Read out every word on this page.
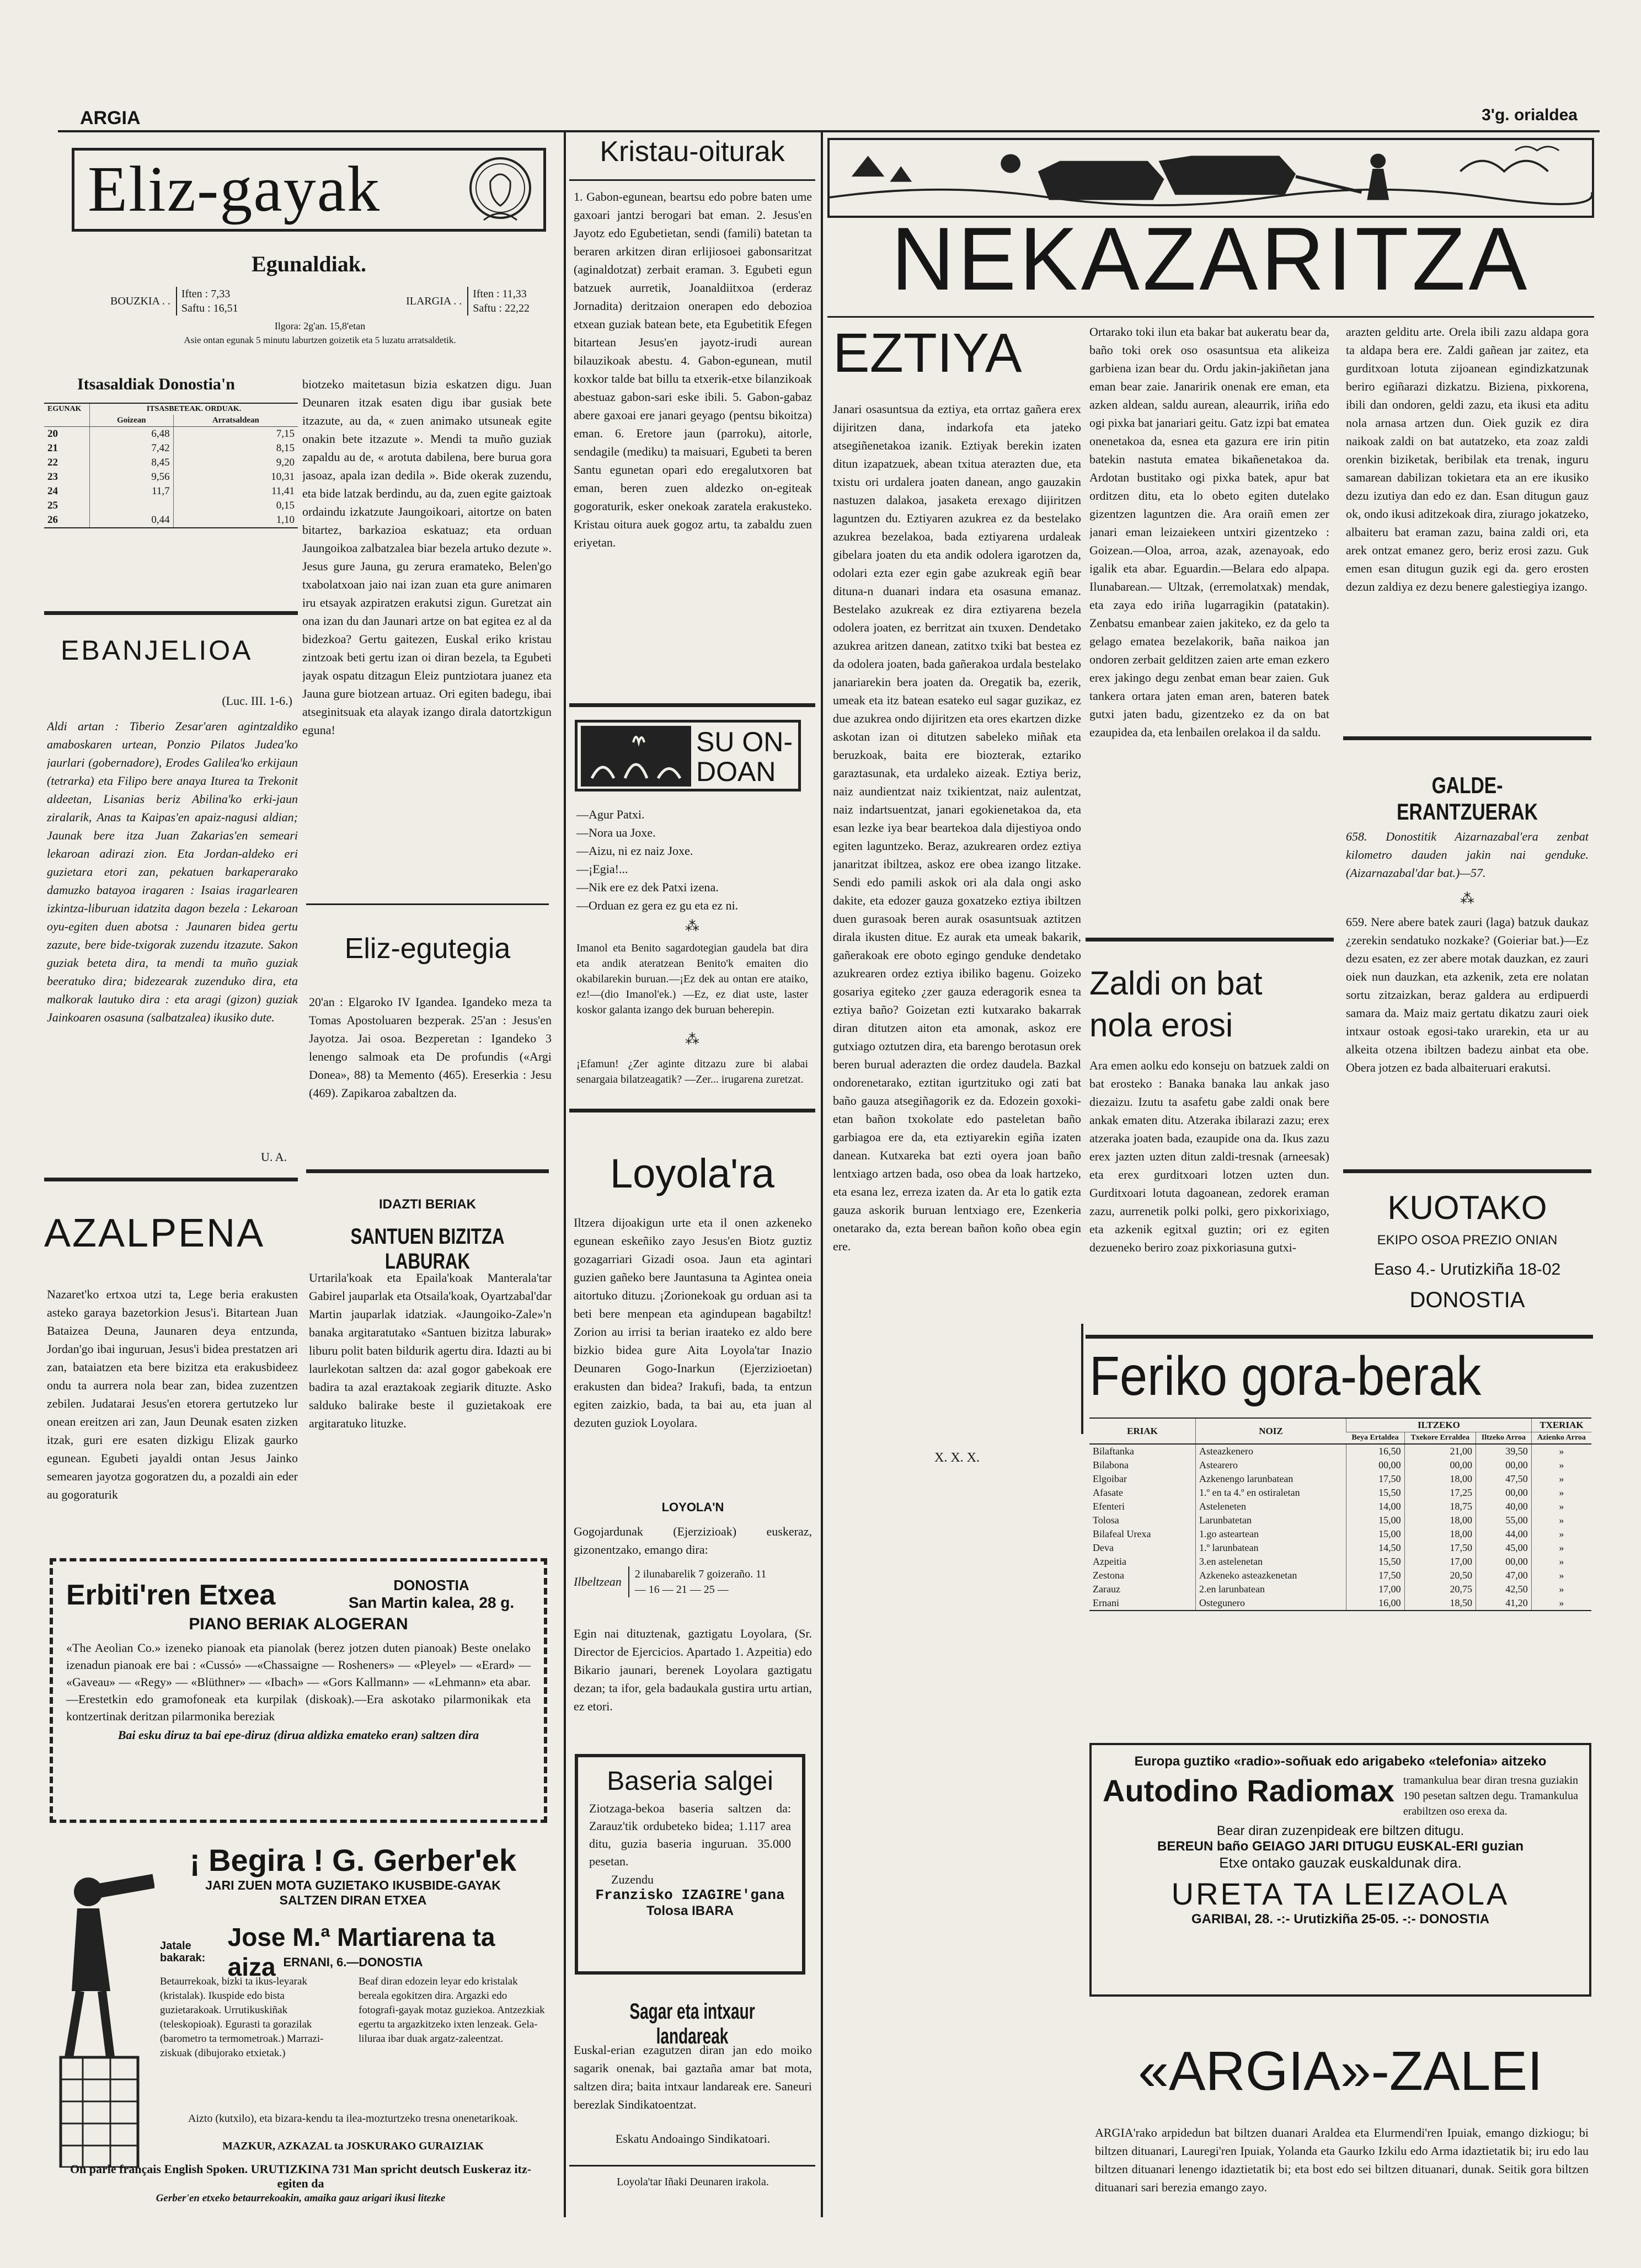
ARGIA	3'g. orialdea
Eliz-gayak
Egunaldiak.
BOUZKIA . .
Iften : 7,33
Saftu : 16,51
ILARGIA . .
Iften : 11,33
Saftu : 22,22
Ilgora: 2g'an. 15,8'etan
Asie ontan egunak 5 minutu laburtzen goizetik eta 5 luzatu arratsaldetik.
Itsasaldiak Donostia'n
EGUNAK	ITSASBETEAK. ORDUAK.	
	Goizean	Arratsaldean
20	6,48	7,15
21	7,42	8,15
22	8,45	9,20
23	9,56	10,31
24	11,7	11,41
25		0,15
26	0,44	1,10
EBANJELIOA
(Luc. III. 1-6.)
Aldi artan : Tiberio Zesar'aren agintzaldiko amaboskaren urtean, Ponzio Pilatos Judea'ko jaurlari (gobernadore), Erodes Galilea'ko erkijaun (tetrarka) eta Filipo bere anaya Iturea ta Trekonit aldeetan, Lisanias beriz Abilina'ko erki-jaun ziralarik, Anas ta Kaipas'en apaiz-nagusi aldian; Jaunak bere itza Juan Zakarias'en semeari lekaroan adirazi zion. Eta Jordan-aldeko eri guzietara etori zan, pekatuen barkaperarako damuzko batayoa iragaren : Isaias iragarlearen izkintza-liburuan idatzita dagon bezela : Lekaroan oyu-egiten duen abotsa : Jaunaren bidea gertu zazute, bere bide-txigorak zuzendu itzazute. Sakon guziak beteta dira, ta mendi ta muño guziak beeratuko dira; bidezearak zuzenduko dira, eta malkorak lautuko dira : eta aragi (gizon) guziak Jainkoaren osasuna (salbatzalea) ikusiko dute.
U. A.
AZALPENA
Nazaret'ko ertxoa utzi ta, Lege beria erakusten asteko garaya bazetorkion Jesus'i. Bitartean Juan Bataizea Deuna, Jaunaren deya entzunda, Jordan'go ibai inguruan, Jesus'i bidea prestatzen ari zan, bataiatzen eta bere bizitza eta erakusbideez ondu ta aurrera nola bear zan, bidea zuzentzen zebilen. Judatarai Jesus'en etorera gertutzeko lur onean ereitzen ari zan, Jaun Deunak esaten zizken itzak, guri ere esaten dizkigu Elizak gaurko egunean. Egubeti jayaldi ontan Jesus Jainko semearen jayotza gogoratzen du, a pozaldi ain eder au gogoraturik
biotzeko maitetasun bizia eskatzen digu. Juan Deunaren itzak esaten digu ibar gusiak bete itzazute, au da, « zuen animako utsuneak egite onakin bete itzazute ». Mendi ta muño guziak zapaldu au de, « arotuta dabilena, bere burua gora jasoaz, apala izan dedila ». Bide okerak zuzendu, eta bide latzak berdindu, au da, zuen egite gaiztoak ordaindu izkatzute Jaungoikoari, aitortze on baten bitartez, barkazioa eskatuaz; eta orduan Jaungoikoa zalbatzalea biar bezela artuko dezute ». Jesus gure Jauna, gu zerura eramateko, Belen'go txabolatxoan jaio nai izan zuan eta gure animaren iru etsayak azpiratzen erakutsi zigun. Guretzat ain ona izan du dan Jaunari artze on bat egitea ez al da bidezkoa? Gertu gaitezen, Euskal eriko kristau zintzoak beti gertu izan oi diran bezela, ta Egubeti jayak ospatu ditzagun Eleiz puntziotara juanez eta Jauna gure biotzean artuaz. Ori egiten badegu, ibai atseginitsuak eta alayak izango dirala datortzkigun eguna!
Eliz-egutegia
20'an : Elgaroko IV Igandea. Igandeko meza ta Tomas Apostoluaren bezperak. 25'an : Jesus'en Jayotza. Jai osoa. Bezperetan : Igandeko 3 lenengo salmoak eta De profundis («Argi Donea», 88) ta Memento (465). Ereserkia : Jesu (469). Zapikaroa zabaltzen da.
IDAZTI BERIAK
SANTUEN BIZITZA LABURAK
Urtarila'koak eta Epaila'koak Manterala'tar Gabirel jauparlak eta Otsaila'koak, Oyartzabal'dar Martin jauparlak idatziak. «Jaungoiko-Zale»'n banaka argitaratutako «Santuen bizitza laburak» liburu polit baten bildurik agertu dira. Idazti au bi laurlekotan saltzen da: azal gogor gabekoak ere badira ta azal eraztakoak zegiarik dituzte. Asko salduko balirake beste il guzietakoak ere argitaratuko lituzke.
Erbiti'ren Etxea	DONOSTIA
San Martin kalea, 28 g.
PIANO BERIAK ALOGERAN
«The Aeolian Co.» izeneko pianoak eta pianolak (berez jotzen duten pianoak) Beste onelako izenadun pianoak ere bai : «Cussó» —«Chassaigne — Rosheners» — «Pleyel» — «Erard» — «Gaveau» — «Regy» — «Blüthner» — «Ibach» — «Gors Kallmann» — «Lehmann» eta abar.—Erestetkin edo gramofoneak eta kurpilak (diskoak).—Era askotako pilarmonikak eta kontzertinak deritzan pilarmonika bereziak
Bai esku diruz ta bai epe-diruz (dirua aldizka emateko eran) saltzen dira
¡ Begira ! G. Gerber'ek
JARI ZUEN MOTA GUZIETAKO IKUSBIDE-GAYAK
SALTZEN DIRAN ETXEA
Jatale bakarak:
Jose M.ª Martiarena ta aiza ERNANI, 6.—DONOSTIA
Betaurrekoak, bizki ta ikus-leyarak (kristalak). Ikuspide edo bista guzietarakoak. Urrutikuskiñak (teleskopioak). Egurasti ta gorazilak (barometro ta termometroak.) Marrazi-ziskuak (dibujorako etxietak.)
Beaf diran edozein leyar edo kristalak bereala egokitzen dira. Argazki edo fotografi-gayak motaz guziekoa. Antzezkiak egertu ta argazkitzeko ixten lenzeak. Gela-liluraa ibar duak argatz-zaleentzat.
Aizto (kutxilo), eta bizara-kendu ta ilea-mozturtzeko tresna onenetarikoak.
MAZKUR, AZKAZAL ta JOSKURAKO GURAIZIAK
On parle français English Spoken. URUTIZKINA 731 Man spricht deutsch Euskeraz itz-egiten da
Gerber'en etxeko betaurrekoakin, amaika gauz arigari ikusi litezke
Kristau-oiturak
1. Gabon-egunean, beartsu edo pobre baten ume gaxoari jantzi berogari bat eman. 2. Jesus'en Jayotz edo Egubetietan, sendi (famili) batetan ta beraren arkitzen diran erlijiosoei gabonsaritzat (aginaldotzat) zerbait eraman. 3. Egubeti egun batzuek aurretik, Joanaldiitxoa (erderaz Jornadita) deritzaion onerapen edo debozioa etxean guziak batean bete, eta Egubetitik Efegen bitartean Jesus'en jayotz-irudi aurean bilauzikoak abestu. 4. Gabon-egunean, mutil koxkor talde bat billu ta etxerik-etxe bilanzikoak abestuaz gabon-sari eske ibili. 5. Gabon-gabaz abere gaxoai ere janari geyago (pentsu bikoitza) eman. 6. Eretore jaun (parroku), aitorle, sendagile (mediku) ta maisuari, Egubeti ta beren Santu egunetan opari edo eregalutxoren bat eman, beren zuen aldezko on-egiteak gogoraturik, esker onekoak zaratela erakusteko. Kristau oitura auek gogoz artu, ta zabaldu zuen eriyetan.
SU ON-DOAN
—Agur Patxi.
—Nora ua Joxe.
—Aizu, ni ez naiz Joxe.
—¡Egia!...
—Nik ere ez dek Patxi izena.
—Orduan ez gera ez gu eta ez ni.
⁂
Imanol eta Benito sagardotegian gaudela bat dira eta andik ateratzean Benito'k emaiten dio okabilarekin buruan.—¡Ez dek au ontan ere ataiko, ez!—(dio Imanol'ek.) —Ez, ez diat uste, laster koskor galanta izango dek buruan beherepin.
⁂
¡Efamun! ¿Zer aginte ditzazu zure bi alabai senargaia bilatzeagatik? —Zer... irugarena zuretzat.
Loyola'ra
Iltzera dijoakigun urte eta il onen azkeneko egunean eskeñiko zayo Jesus'en Biotz guztiz gozagarriari Gizadi osoa. Jaun eta agintari guzien gañeko bere Jauntasuna ta Agintea oneia aitortuko dituzu. ¡Zorionekoak gu orduan asi ta beti bere menpean eta agindupean bagabiltz! Zorion au irrisi ta berian iraateko ez aldo bere bizkio bidea gure Aita Loyola'tar Inazio Deunaren Gogo-Inarkun (Ejerzizioetan) erakusten dan bidea? Irakufi, bada, ta entzun egiten zaizkio, bada, ta bai au, eta juan al dezuten guziok Loyolara.
LOYOLA'N
Gogojardunak (Ejerzizioak) euskeraz, gizonentzako, emango dira:
Ilbeltzean
2 ilunabarelik 7 goizeraño. 11 — 16 — 21 — 25 —
Egin nai dituztenak, gaztigatu Loyolara, (Sr. Director de Ejercicios. Apartado 1. Azpeitia) edo Bikario jaunari, berenek Loyolara gaztigatu dezan; ta ifor, gela badaukala gustira urtu artian, ez etori.
Baseria salgei
Ziotzaga-bekoa baseria saltzen da: Zarauz'tik ordubeteko bidea; 1.117 area ditu, guzia baseria inguruan. 35.000 pesetan.
Zuzendu
Franzisko IZAGIRE'gana
Tolosa IBARA
Sagar eta intxaur landareak
Euskal-erian ezagutzen diran jan edo moiko sagarik onenak, bai gaztaña amar bat mota, saltzen dira; baita intxaur landareak ere. Saneuri berezlak Sindikatoentzat.
Eskatu Andoaingo Sindikatoari.
Loyola'tar Iñaki Deunaren irakola.
NEKAZARITZA
EZTIYA
Janari osasuntsua da eztiya, eta orrtaz gañera erex dijiritzen dana, indarkofa eta jateko atsegiñenetakoa izanik. Eztiyak berekin izaten ditun izapatzuek, abean txitua aterazten due, eta txistu ori urdalera joaten danean, ango gauzakin nastuzen dalakoa, jasaketa erexago dijiritzen laguntzen du. Eztiyaren azukrea ez da bestelako azukrea bezelakoa, bada eztiyarena urdaleak gibelara joaten du eta andik odolera igarotzen da, odolari ezta ezer egin gabe azukreak egiñ bear dituna-n duanari indara eta osasuna emanaz. Bestelako azukreak ez dira eztiyarena bezela odolera joaten, ez berritzat ain txuxen. Dendetako azukrea aritzen danean, zatitxo txiki bat bestea ez da odolera joaten, bada gañerakoa urdala bestelako janariarekin bera joaten da. Oregatik ba, ezerik, umeak eta itz batean esateko eul sagar guzikaz, ez due azukrea ondo dijiritzen eta ores ekartzen dizke askotan izan oi ditutzen sabeleko miñak eta beruzkoak, baita ere biozterak, eztariko garaztasunak, eta urdaleko aizeak. Eztiya beriz, naiz aundientzat naiz txikientzat, naiz aulentzat, naiz indartsuentzat, janari egokienetakoa da, eta esan lezke iya bear beartekoa dala dijestiyoa ondo egiten laguntzeko. Beraz, azukrearen ordez eztiya janaritzat ibiltzea, askoz ere obea izango litzake. Sendi edo pamili askok ori ala dala ongi asko dakite, eta edozer gauza goxatzeko eztiya ibiltzen duen gurasoak beren aurak osasuntsuak aztitzen dirala ikusten ditue. Ez aurak eta umeak bakarik, gañerakoak ere oboto egingo genduke dendetako azukrearen ordez eztiya ibiliko bagenu. Goizeko gosariya egiteko ¿zer gauza ederagorik esnea ta eztiya baño? Goizetan ezti kutxarako bakarrak diran ditutzen aiton eta amonak, askoz ere gutxiago oztutzen dira, eta barengo berotasun orek beren burual aderazten die ordez daudela. Bazkal ondorenetarako, eztitan igurtzituko ogi zati bat baño gauza atsegiñagorik ez da. Edozein goxoki-etan bañon txokolate edo pasteletan baño garbiagoa ere da, eta eztiyarekin egiña izaten danean. Kutxareka bat ezti oyera joan baño lentxiago artzen bada, oso obea da loak hartzeko, eta esana lez, erreza izaten da. Ar eta lo gatik ezta gauza askorik buruan lentxiago ere, Ezenkeria onetarako da, ezta berean bañon koño obea egin ere.
X. X. X.
Ortarako toki ilun eta bakar bat aukeratu bear da, baño toki orek oso osasuntsua eta alikeiza garbiena izan bear du. Ordu jakin-jakiñetan jana eman bear zaie. Janaririk onenak ere eman, eta azken aldean, saldu aurean, aleaurrik, iriña edo ogi pixka bat janariari geitu. Gatz izpi bat ematea onenetakoa da, esnea eta gazura ere irin pitin batekin nastuta ematea bikañenetakoa da. Ardotan bustitako ogi pixka batek, apur bat orditzen ditu, eta lo obeto egiten dutelako gizentzen laguntzen die. Ara oraiñ emen zer janari eman leizaiekeen untxiri gizentzeko : Goizean.—Oloa, arroa, azak, azenayoak, edo igalik eta abar. Eguardin.—Belara edo alpapa. Ilunabarean.— Ultzak, (erremolatxak) mendak, eta zaya edo iriña lugarragikin (patatakin). Zenbatsu emanbear zaien jakiteko, ez da gelo ta gelago ematea bezelakorik, baña naikoa jan ondoren zerbait gelditzen zaien arte eman ezkero erex jakingo degu zenbat eman bear zaien. Guk tankera ortara jaten eman aren, bateren batek gutxi jaten badu, gizentzeko ez da on bat ezaupidea da, eta lenbailen orelakoa il da saldu.
Zaldi on bat nola erosi
Ara emen aolku edo konseju on batzuek zaldi on bat erosteko : Banaka banaka lau ankak jaso diezaizu. Izutu ta asafetu gabe zaldi onak bere ankak ematen ditu. Atzeraka ibilarazi zazu; erex atzeraka joaten bada, ezaupide ona da. Ikus zazu erex jazten uzten ditun zaldi-tresnak (arneesak) eta erex gurditxoari lotzen uzten dun. Gurditxoari lotuta dagoanean, zedorek eraman zazu, aurrenetik polki polki, gero pixkorixiago, eta azkenik egitxal guztin; ori ez egiten dezueneko beriro zoaz pixkoriasuna gutxi-
arazten gelditu arte. Orela ibili zazu aldapa gora ta aldapa bera ere. Zaldi gañean jar zaitez, eta gurditxoan lotuta zijoanean egindizkatzunak beriro egiñarazi dizkatzu. Bizienа, pixkorena, ibili dan ondoren, geldi zazu, eta ikusi eta aditu nola arnasa artzen dun. Oiek guzik ez dira naikoak zaldi on bat autatzeko, eta zoaz zaldi orenkin biziketak, beribilak eta trenak, inguru samarean dabilizan tokietara eta an ere ikusiko dezu izutiya dan edo ez dan. Esan ditugun gauz ok, ondo ikusi aditzekoak dira, ziurago jokatzeko, albaiteru bat eraman zazu, baina zaldi ori, eta arek ontzat emanez gero, beriz erosi zazu. Guk emen esan ditugun guzik egi da. gero erosten dezun zaldiya ez dezu benere galestiegiya izango.
GALDE-ERANTZUERAK
658. Donostitik Aizarnazabal'era zenbat kilometro dauden jakin nai genduke. (Aizarnazabal'dar bat.)—57.
⁂
659. Nere abere batek zauri (laga) batzuk daukaz ¿zerekin sendatuko nozkake? (Goieriar bat.)—Ez dezu esaten, ez zer abere motak dauzkan, ez zauri oiek nun dauzkan, eta azkenik, zeta ere nolatan sortu zitzaizkan, beraz galdera au erdipuerdi samara da. Maiz maiz gertatu dikatzu zauri oiek intxaur ostoak egosi-tako urarekin, eta ur au alkeita otzena ibiltzen badezu ainbat eta obe. Obera jotzen ez bada albaiteruari erakutsi.
KUOTAKO
EKIPO OSOA PREZIO ONIAN
Easo 4.- Urutizkiña 18-02
DONOSTIA
Feriko gora-berak
ERIAK	NOIZ	ILTZEKO			TXERIAK
		Beya Ertaldea	Txekore Erraldea	Iltzeko Arroa	Azienko Arroa
Bilaftanka	Asteazkenero	16,50	21,00	39,50	»
Bilabona	Astearero	00,00	00,00	00,00	»
Elgoibar	Azkenengo larunbatean	17,50	18,00	47,50	»
Afasate	1.º en ta 4.º en ostiraletan	15,50	17,25	00,00	»
Efenteri	Asteleneten	14,00	18,75	40,00	»
Tolosa	Larunbatetan	15,00	18,00	55,00	»
Bilafeal Urexa	1.go asteartean	15,00	18,00	44,00	»
Deva	1.º larunbatean	14,50	17,50	45,00	»
Azpeitia	3.en astelenetan	15,50	17,00	00,00	»
Zestona	Azkeneko asteazkenetan	17,50	20,50	47,00	»
Zarauz	2.en larunbatean	17,00	20,75	42,50	»
Ernani	Ostegunero	16,00	18,50	41,20	»
Europa guztiko «radio»-soñuak edo arigabeko «telefonia» aitzeko
Autodino Radiomax tramankulua bear diran tresna guziakin 190 pesetan saltzen degu. Tramankulua erabiltzen oso erexa da.
Bear diran zuzenpideak ere biltzen ditugu.
BEREUN baño GEIAGO JARI DITUGU EUSKAL-ERI guzian
Etxe ontako gauzak euskaldunak dira.
URETA TA LEIZAOLA
GARIBAI, 28. -:- Urutizkiña 25-05. -:- DONOSTIA
«ARGIA»-ZALEI
ARGIA'rako arpidedun bat biltzen duanari Araldea eta Elurmendi'ren Ipuiak, emango dizkiogu; bi biltzen dituanari, Lauregi'ren Ipuiak, Yolanda eta Gaurko Izkilu edo Arma idaztietatik bi; iru edo lau biltzen dituanari lenengo idaztietatik bi; eta bost edo sei biltzen dituanari, dunak. Seitik gora biltzen dituanari sari berezia emango zayo.
